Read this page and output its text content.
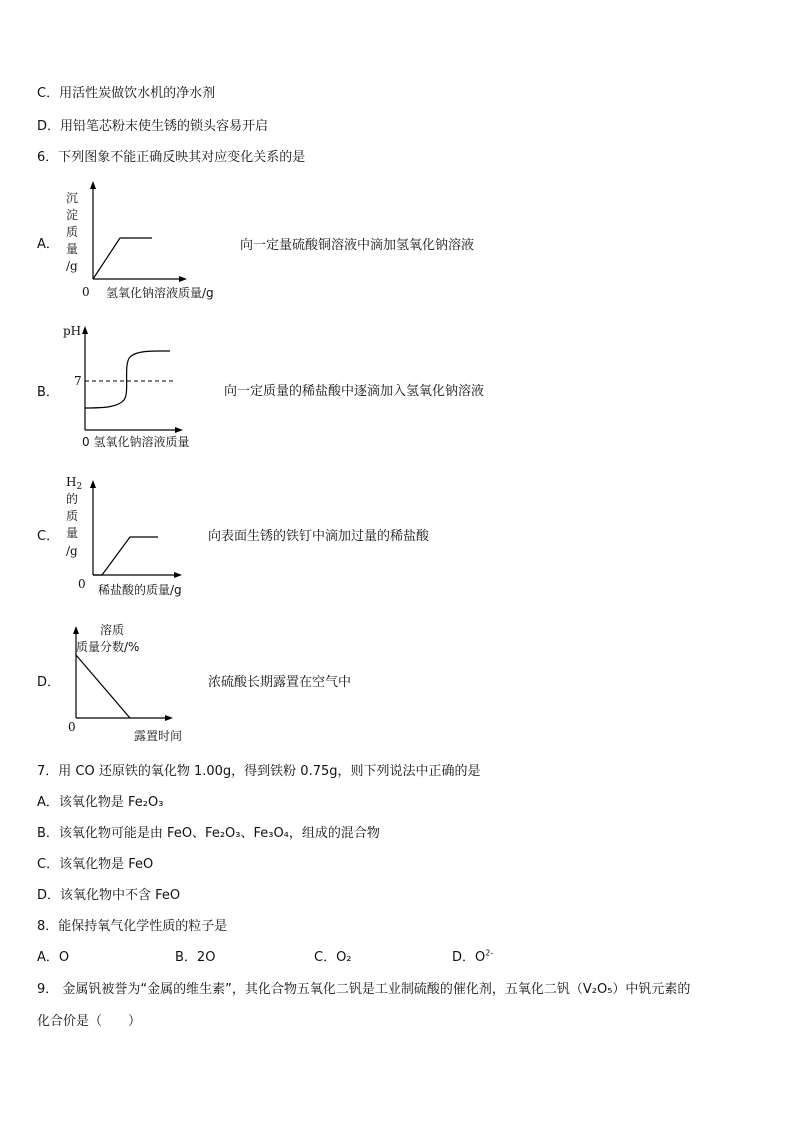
C．用活性炭做饮水机的净水剂
D．用铅笔芯粉末使生锈的锁头容易开启
6．下列图象不能正确反映其对应变化关系的是
A．
沉
淀
质
量
/g
0 氢氧化钠溶液质量/g
向一定量硫酸铜溶液中滴加氢氧化钠溶液
B．
pH
7
0 氢氧化钠溶液质量
向一定质量的稀盐酸中逐滴加入氢氧化钠溶液
C．
$H_2$
的
质
量
/g
0 稀盐酸的质量/g
向表面生锈的铁钉中滴加过量的稀盐酸
D．
溶质
质量分数/%
0
露置时间
浓硫酸长期露置在空气中
7．用 CO 还原铁的氧化物 1.00g，得到铁粉 0.75g，则下列说法中正确的是
A．该氧化物是 Fe₂O₃
B．该氧化物可能是由 FeO、Fe₂O₃、Fe₃O₄，组成的混合物
C．该氧化物是 FeO
D．该氧化物中不含 FeO
8．能保持氧气化学性质的粒子是
A．O	B．2O	C．O₂	D．$O^{2-}$
9． 金属钒被誉为“金属的维生素”，其化合物五氧化二钒是工业制硫酸的催化剂，五氧化二钒（V₂O₅）中钒元素的
化合价是（　　）
